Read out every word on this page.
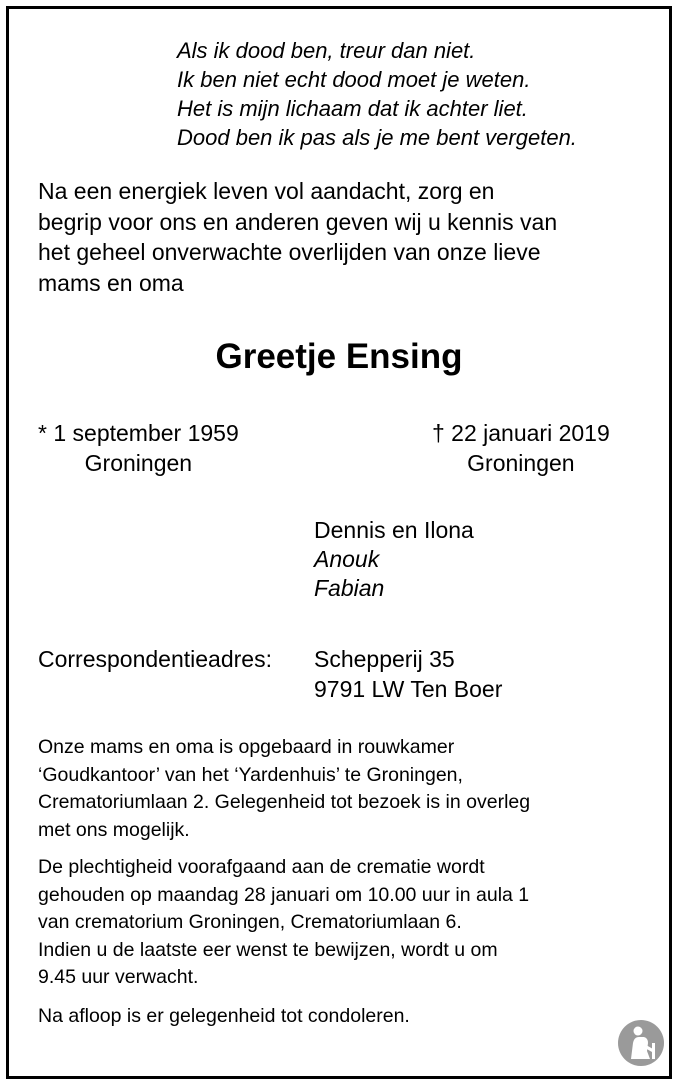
Als ik dood ben, treur dan niet.
Ik ben niet echt dood moet je weten.
Het is mijn lichaam dat ik achter liet.
Dood ben ik pas als je me bent vergeten.
Na een energiek leven vol aandacht, zorg en
begrip voor ons en anderen geven wij u kennis van
het geheel onverwachte overlijden van onze lieve
mams en oma
Greetje Ensing
* 1 september 1959
Groningen
† 22 januari 2019
Groningen
Dennis en Ilona
Anouk
Fabian
Correspondentieadres: Schepperij 35
9791 LW Ten Boer
Onze mams en oma is opgebaard in rouwkamer
‘Goudkantoor’ van het ‘Yardenhuis’ te Groningen,
Crematoriumlaan 2. Gelegenheid tot bezoek is in overleg
met ons mogelijk.
De plechtigheid voorafgaand aan de crematie wordt
gehouden op maandag 28 januari om 10.00 uur in aula 1
van crematorium Groningen, Crematoriumlaan 6.
Indien u de laatste eer wenst te bewijzen, wordt u om
9.45 uur verwacht.
Na afloop is er gelegenheid tot condoleren.
